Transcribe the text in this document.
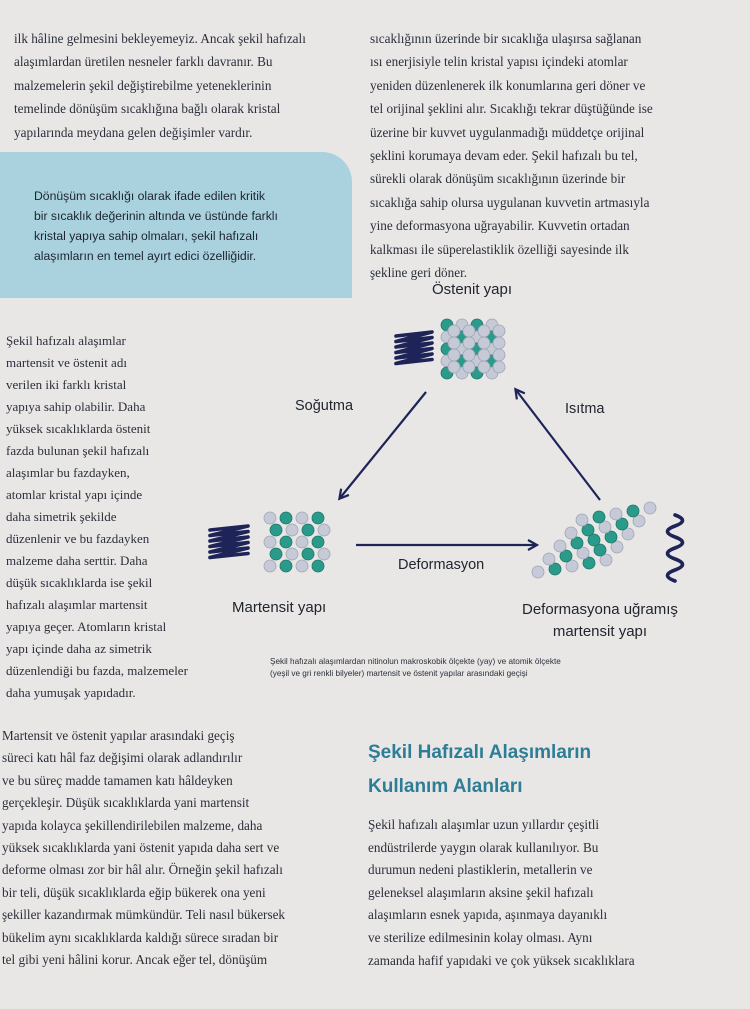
ilk hâline gelmesini bekleyemeyiz. Ancak şekil hafızalı
alaşımlardan üretilen nesneler farklı davranır. Bu
malzemelerin şekil değiştirebilme yeteneklerinin
temelinde dönüşüm sıcaklığına bağlı olarak kristal
yapılarında meydana gelen değişimler vardır.
sıcaklığının üzerinde bir sıcaklığa ulaşırsa sağlanan
ısı enerjisiyle telin kristal yapısı içindeki atomlar
yeniden düzenlenerek ilk konumlarına geri döner ve
tel orijinal şeklini alır. Sıcaklığı tekrar düştüğünde ise
üzerine bir kuvvet uygulanmadığı müddetçe orijinal
şeklini korumaya devam eder. Şekil hafızalı bu tel,
sürekli olarak dönüşüm sıcaklığının üzerinde bir
sıcaklığa sahip olursa uygulanan kuvvetin artmasıyla
yine deformasyona uğrayabilir. Kuvvetin ortadan
kalkması ile süperelastiklik özelliği sayesinde ilk
şekline geri döner.
Dönüşüm sıcaklığı olarak ifade edilen kritik
bir sıcaklık değerinin altında ve üstünde farklı
kristal yapıya sahip olmaları, şekil hafızalı
alaşımların en temel ayırt edici özelliğidir.
Şekil hafızalı alaşımlar
martensit ve östenit adı
verilen iki farklı kristal
yapıya sahip olabilir. Daha
yüksek sıcaklıklarda östenit
fazda bulunan şekil hafızalı
alaşımlar bu fazdayken,
atomlar kristal yapı içinde
daha simetrik şekilde
düzenlenir ve bu fazdayken
malzeme daha serttir. Daha
düşük sıcaklıklarda ise şekil
hafızalı alaşımlar martensit
yapıya geçer. Atomların kristal
yapı içinde daha az simetrik
düzenlendiği bu fazda, malzemeler
daha yumuşak yapıdadır.
Östenit yapı
Soğutma	Isıtma
Deformasyon
Martensit yapı	Deformasyona uğramış
martensit yapı
Şekil hafızalı alaşımlardan nitinolun makroskobik ölçekte (yay) ve atomik ölçekte
(yeşil ve gri renkli bilyeler) martensit ve östenit yapılar arasındaki geçişi
Martensit ve östenit yapılar arasındaki geçiş
süreci katı hâl faz değişimi olarak adlandırılır
ve bu süreç madde tamamen katı hâldeyken
gerçekleşir. Düşük sıcaklıklarda yani martensit
yapıda kolayca şekillendirilebilen malzeme, daha
yüksek sıcaklıklarda yani östenit yapıda daha sert ve
deforme olması zor bir hâl alır. Örneğin şekil hafızalı
bir teli, düşük sıcaklıklarda eğip bükerek ona yeni
şekiller kazandırmak mümkündür. Teli nasıl bükersek
bükelim aynı sıcaklıklarda kaldığı sürece sıradan bir
tel gibi yeni hâlini korur. Ancak eğer tel, dönüşüm
Şekil Hafızalı Alaşımların
Kullanım Alanları
Şekil hafızalı alaşımlar uzun yıllardır çeşitli
endüstrilerde yaygın olarak kullanılıyor. Bu
durumun nedeni plastiklerin, metallerin ve
geleneksel alaşımların aksine şekil hafızalı
alaşımların esnek yapıda, aşınmaya dayanıklı
ve sterilize edilmesinin kolay olması. Aynı
zamanda hafif yapıdaki ve çok yüksek sıcaklıklara
